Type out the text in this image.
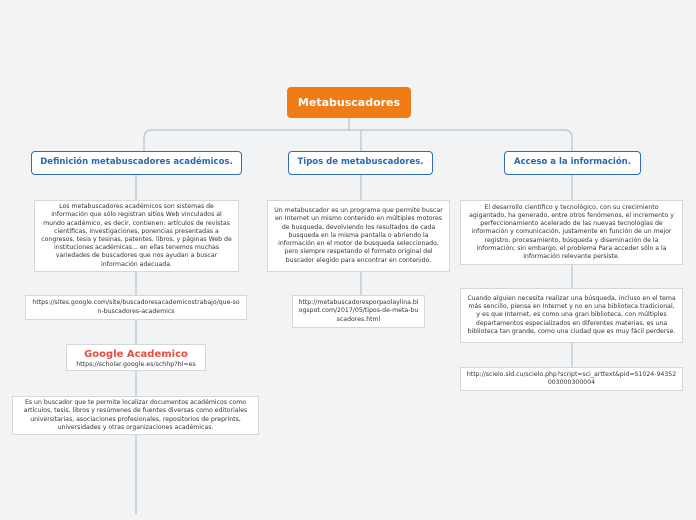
Metabuscadores
Definición metabuscadores académicos.
Los metabuscadores académicos son sistemas de información que sólo registran sitios Web vinculados al mundo académico, es decir, contienen: artículos de revistas científicas, investigaciones, ponencias presentadas a congresos, tesis y tesinas, patentes, libros, y páginas Web de instituciones académicas... en ellas tenemos muchas variedades de buscadores que nos ayudan a buscar información adecuada.
https://sites.google.com/site/buscadoresacademicostrabajo/que-son-buscadores-academics
Google Academico
https://scholar.google.es/schhp?hl=es
Es un buscador que te permite localizar documentos académicos como artículos, tesis, libros y resúmenes de fuentes diversas como editoriales universitarias, asociaciones profesionales, repositorios de preprints, universidades y otras organizaciones académicas.
Tipos de metabuscadores.
Un metabuscador es un programa que permite buscar en Internet un mismo contenido en múltiples motores de busqueda, devolviendo los resultados de cada busqueda en la misma pantalla o abriendo la información en el motor de busqueda seleccionado, pero siempre respetando el formato original del buscador elegido para encontrar en contenido.
http://metabuscadoresporpaolaylina.blogspot.com/2017/05/tipos-de-meta-buscadores.html
Acceso a la información.
El desarrollo científico y tecnológico, con su crecimiento agigantado, ha generado, entre otros fenómenos, el incremento y perfeccionamiento acelerado de las nuevas tecnologías de información y comunicación, justamente en función de un mejor registro, procesamiento, búsqueda y diseminación de la información; sin embargo, el problema Para acceder sólo a la información relevante persiste.
Cuando alguien necesita realizar una búsqueda, incluso en el tema más sencillo, piensa en Internet y no en una biblioteca tradicional, y es que Internet, es como una gran biblioteca, con múltiples departamentos especializados en diferentes materias, es una biblioteca tan grande, como una ciudad que es muy fácil perderse.
http://scielo.sld.cu/scielo.php?script=sci_arttext&pid=S1024-94352003000300004
